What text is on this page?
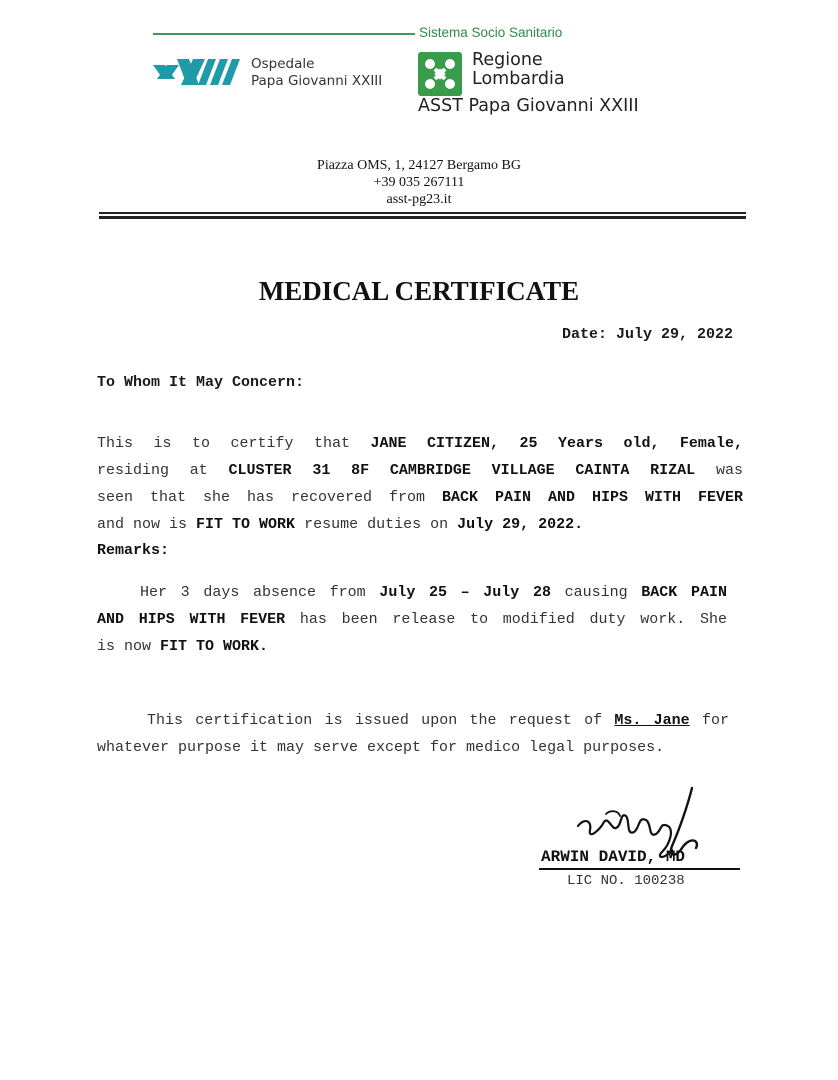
Sistema Socio Sanitario
Ospedale
Papa Giovanni XXIII
Regione
Lombardia
ASST Papa Giovanni XXIII
Piazza OMS, 1, 24127 Bergamo BG
+39 035 267111
asst-pg23.it
MEDICAL CERTIFICATE
Date: July 29, 2022
To Whom It May Concern:
This is to certify that JANE CITIZEN, 25 Years old, Female,
residing at CLUSTER 31 8F CAMBRIDGE VILLAGE CAINTA RIZAL was
seen that she has recovered from BACK PAIN AND HIPS WITH FEVER
and now is FIT TO WORK resume duties on July 29, 2022.
Remarks:
Her 3 days absence from July 25 – July 28 causing BACK PAIN
AND HIPS WITH FEVER has been release to modified duty work. She
is now FIT TO WORK.
This certification is issued upon the request of Ms. Jane for
whatever purpose it may serve except for medico legal purposes.
ARWIN DAVID, MD
LIC NO. 100238
